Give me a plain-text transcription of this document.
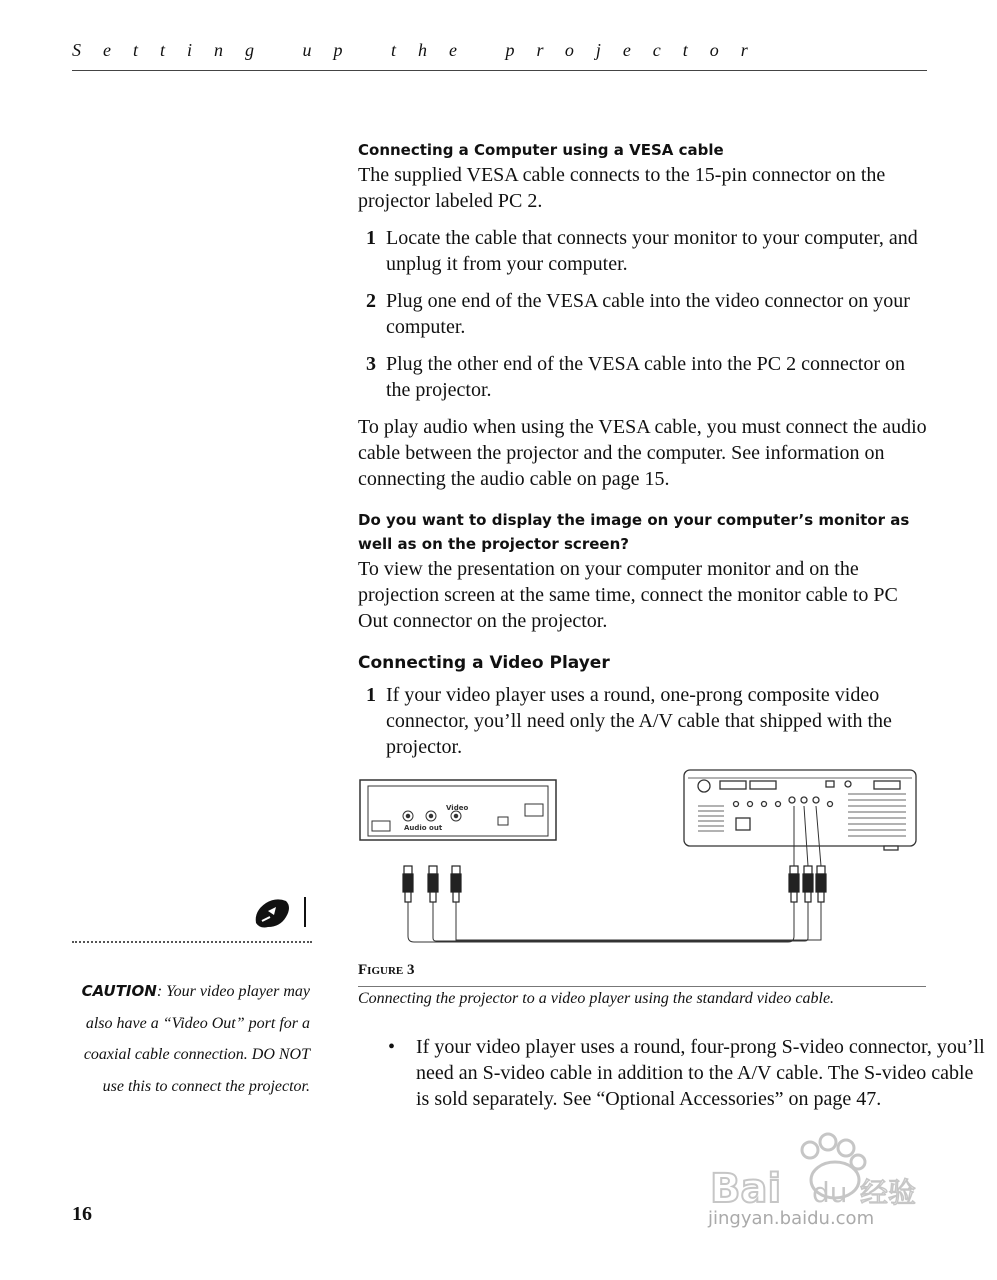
Setting up the projector
Connecting a Computer using a VESA cable

The supplied VESA cable connects to the 15-pin connector on the projector labeled PC 2.

1 Locate the cable that connects your monitor to your computer, and unplug it from your computer.
2 Plug one end of the VESA cable into the video connector on your computer.
3 Plug the other end of the VESA cable into the PC 2 connector on the projector.

To play audio when using the VESA cable, you must connect the audio cable between the projector and the computer. See information on connecting the audio cable on page 15.

Do you want to display the image on your computer’s monitor as well as on the projector screen?

To view the presentation on your computer monitor and on the projection screen at the same time, connect the monitor cable to PC Out connector on the projector.

Connecting a Video Player
1 If your video player uses a round, one-prong composite video connector, you’ll need only the A/V cable that shipped with the projector.
Video
Audio out
Figure 3
Connecting the projector to a video player using the standard video cable.
• If your video player uses a round, four-prong S-video connector, you’ll need an S-video cable in addition to the A/V cable. The S-video cable is sold separately. See “Optional Accessories” on page 47.
CAUTION: Your video player may also have a “Video Out” port for a coaxial cable connection. DO NOT use this to connect the projector.
16
Bai du 经验
jingyan.baidu.com
